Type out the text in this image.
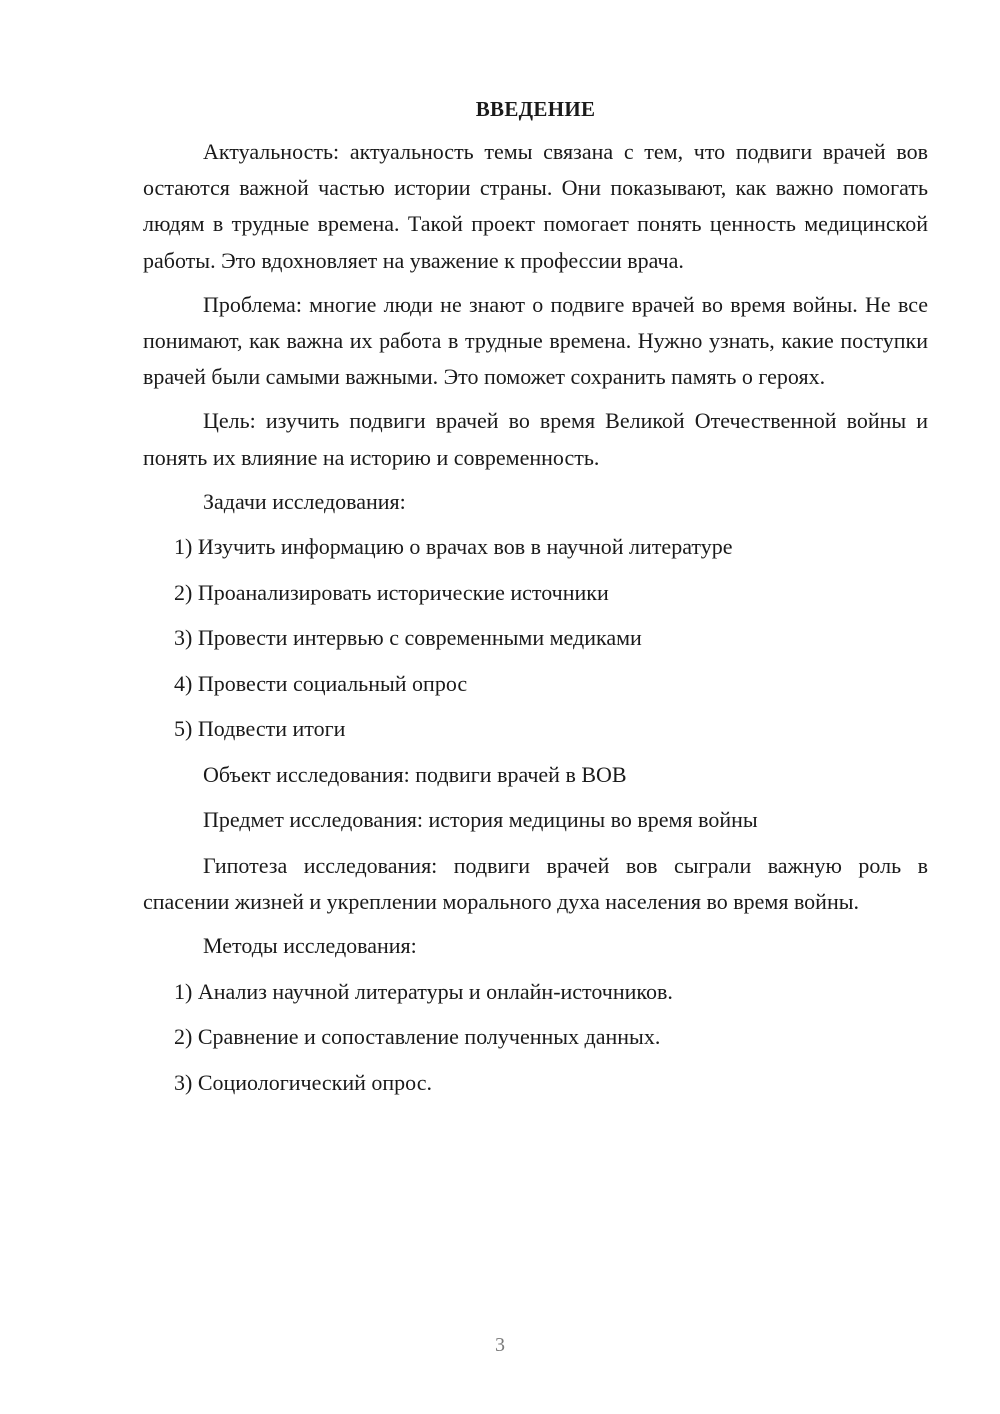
ВВЕДЕНИЕ

Актуальность: актуальность темы связана с тем, что подвиги врачей вов остаются важной частью истории страны. Они показывают, как важно помогать людям в трудные времена. Такой проект помогает понять ценность медицинской работы. Это вдохновляет на уважение к профессии врача.

Проблема: многие люди не знают о подвиге врачей во время войны. Не все понимают, как важна их работа в трудные времена. Нужно узнать, какие поступки врачей были самыми важными. Это поможет сохранить память о героях.

Цель: изучить подвиги врачей во время Великой Отечественной войны и понять их влияние на историю и современность.

Задачи исследования:
1) Изучить информацию о врачах вов в научной литературе
2) Проанализировать исторические источники
3) Провести интервью с современными медиками
4) Провести социальный опрос
5) Подвести итоги
Объект исследования: подвиги врачей в ВОВ
Предмет исследования: история медицины во время войны

Гипотеза исследования: подвиги врачей вов сыграли важную роль в спасении жизней и укреплении морального духа населения во время войны.

Методы исследования:
1) Анализ научной литературы и онлайн-источников.
2) Сравнение и сопоставление полученных данных.
3) Социологический опрос.
3
